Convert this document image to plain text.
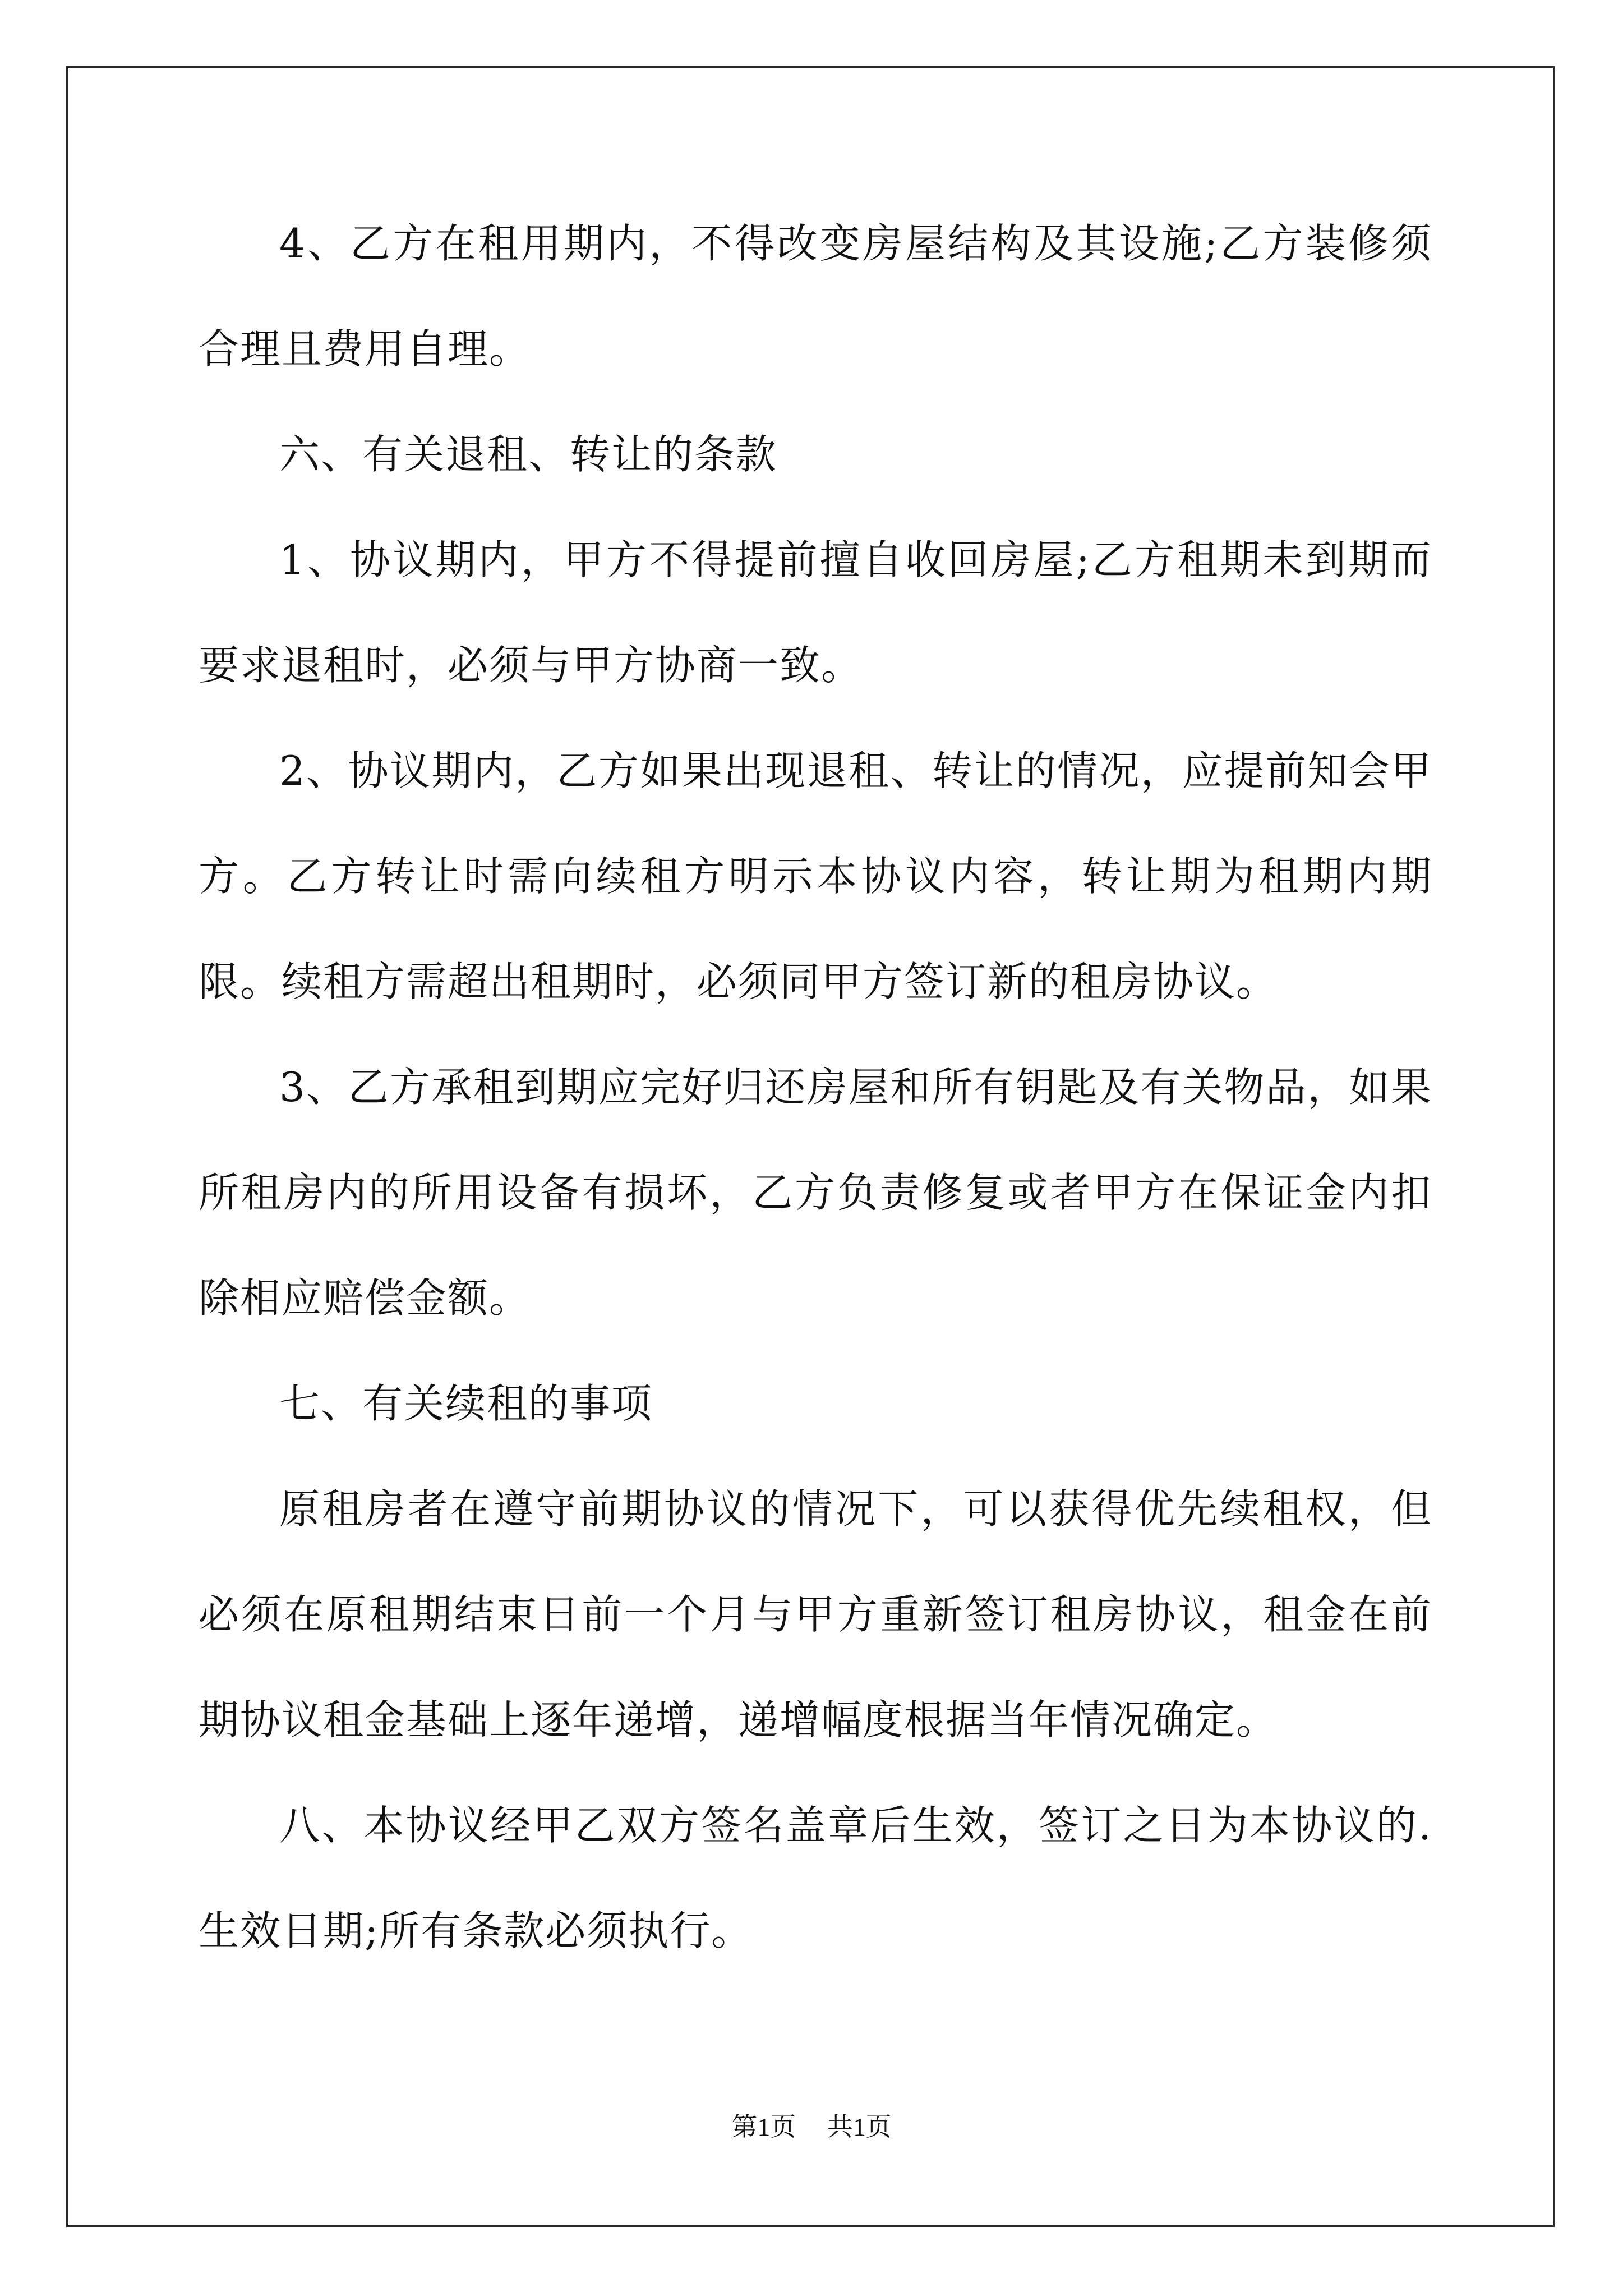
4、乙方在租用期内，不得改变房屋结构及其设施;乙方装修须合理且费用自理。

六、有关退租、转让的条款

1、协议期内，甲方不得提前擅自收回房屋;乙方租期未到期而要求退租时，必须与甲方协商一致。

2、协议期内，乙方如果出现退租、转让的情况，应提前知会甲方。乙方转让时需向续租方明示本协议内容，转让期为租期内期限。续租方需超出租期时，必须同甲方签订新的租房协议。

3、乙方承租到期应完好归还房屋和所有钥匙及有关物品，如果所租房内的所用设备有损坏，乙方负责修复或者甲方在保证金内扣除相应赔偿金额。

七、有关续租的事项

原租房者在遵守前期协议的情况下，可以获得优先续租权，但必须在原租期结束日前一个月与甲方重新签订租房协议，租金在前期协议租金基础上逐年递增，递增幅度根据当年情况确定。

八、本协议经甲乙双方签名盖章后生效，签订之日为本协议的.生效日期;所有条款必须执行。

第1页 共1页
